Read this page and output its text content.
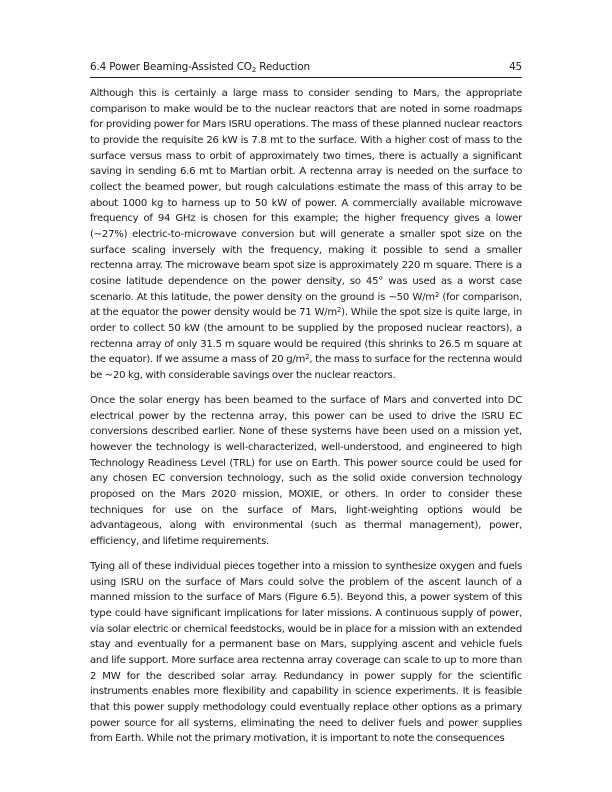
6.4 Power Beaming-Assisted $CO_2$ Reduction	45

Although this is certainly a large mass to consider sending to Mars, the appropriate comparison to make would be to the nuclear reactors that are noted in some roadmaps for providing power for Mars ISRU operations. The mass of these planned nuclear reactors to provide the requisite 26 kW is 7.8 mt to the surface. With a higher cost of mass to the surface versus mass to orbit of approximately two times, there is actually a significant saving in sending 6.6 mt to Martian orbit. A rectenna array is needed on the surface to collect the beamed power, but rough calculations estimate the mass of this array to be about 1000 kg to harness up to 50 kW of power. A commercially available microwave frequency of 94 GHz is chosen for this example; the higher frequency gives a lower (~27%) electric-to-microwave conversion but will generate a smaller spot size on the surface scaling inversely with the frequency, making it possible to send a smaller rectenna array. The microwave beam spot size is approximately 220 m square. There is a cosine latitude dependence on the power density, so 45° was used as a worst case scenario. At this latitude, the power density on the ground is ~50 $W/m^2$ (for comparison, at the equator the power density would be 71 $W/m^2$). While the spot size is quite large, in order to collect 50 kW (the amount to be supplied by the proposed nuclear reactors), a rectenna array of only 31.5 m square would be required (this shrinks to 26.5 m square at the equator). If we assume a mass of 20 $g/m^2$, the mass to surface for the rectenna would be ~20 kg, with considerable savings over the nuclear reactors.

Once the solar energy has been beamed to the surface of Mars and converted into DC electrical power by the rectenna array, this power can be used to drive the ISRU EC conversions described earlier. None of these systems have been used on a mission yet, however the technology is well-characterized, well-understood, and engineered to high Technology Readiness Level (TRL) for use on Earth. This power source could be used for any chosen EC conversion technology, such as the solid oxide conversion technology proposed on the Mars 2020 mission, MOXIE, or others. In order to consider these techniques for use on the surface of Mars, light-weighting options would be advantageous, along with environmental (such as thermal management), power, efficiency, and lifetime requirements.

Tying all of these individual pieces together into a mission to synthesize oxygen and fuels using ISRU on the surface of Mars could solve the problem of the ascent launch of a manned mission to the surface of Mars (Figure 6.5). Beyond this, a power system of this type could have significant implications for later missions. A continuous supply of power, via solar electric or chemical feedstocks, would be in place for a mission with an extended stay and eventually for a permanent base on Mars, supplying ascent and vehicle fuels and life support. More surface area rectenna array coverage can scale to up to more than 2 MW for the described solar array. Redundancy in power supply for the scientific instruments enables more flexibility and capability in science experiments. It is feasible that this power supply methodology could eventually replace other options as a primary power source for all systems, eliminating the need to deliver fuels and power supplies from Earth. While not the primary motivation, it is important to note the consequences
